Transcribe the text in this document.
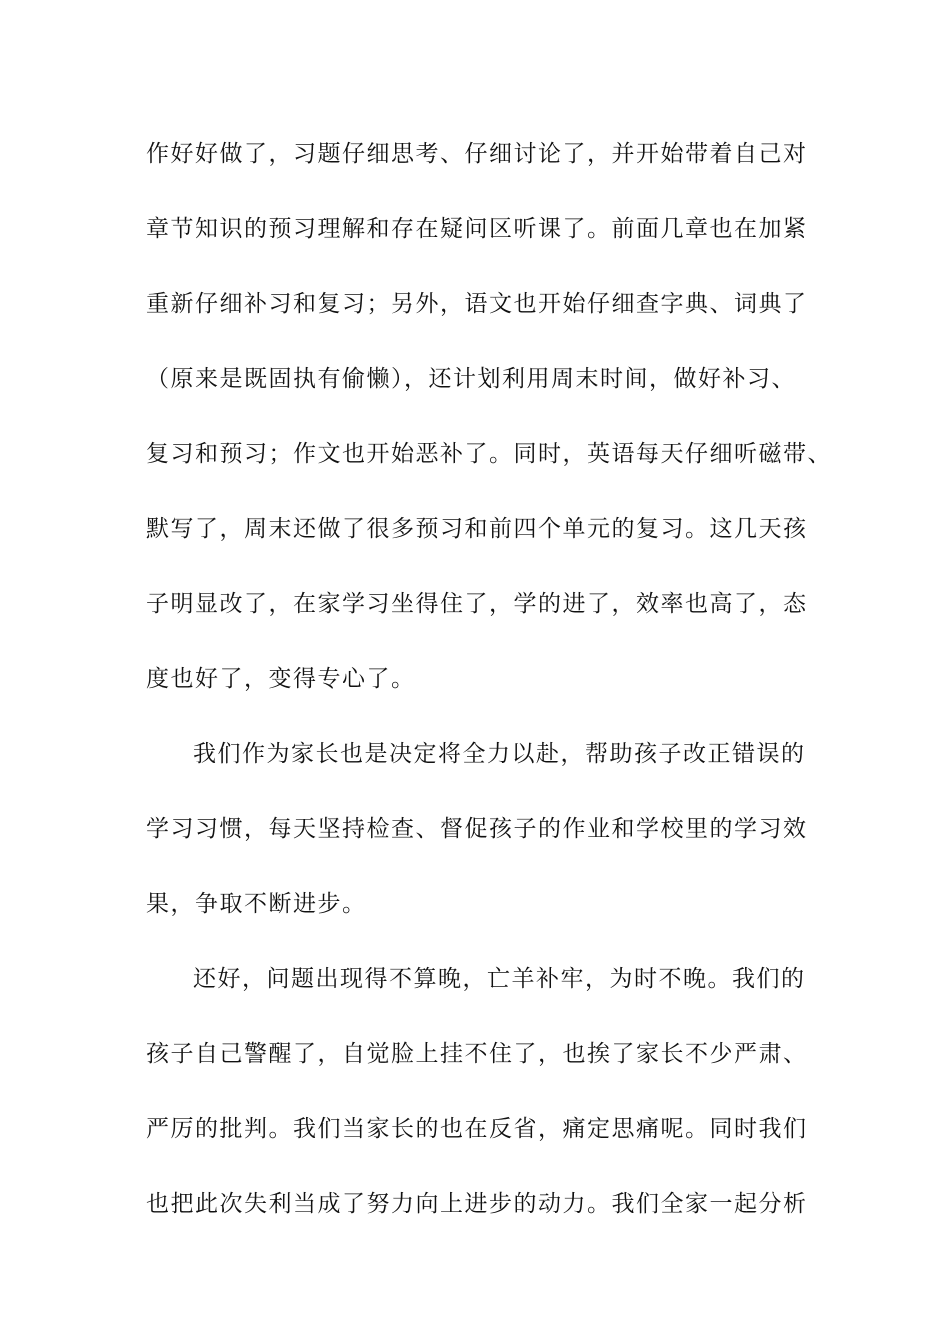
作好好做了，习题仔细思考、仔细讨论了，并开始带着自己对
章节知识的预习理解和存在疑问区听课了。前面几章也在加紧
重新仔细补习和复习；另外，语文也开始仔细查字典、词典了
（原来是既固执有偷懒），还计划利用周末时间，做好补习、
复习和预习；作文也开始恶补了。同时，英语每天仔细听磁带、
默写了，周末还做了很多预习和前四个单元的复习。这几天孩
子明显改了，在家学习坐得住了，学的进了，效率也高了，态
度也好了，变得专心了。
我们作为家长也是决定将全力以赴，帮助孩子改正错误的
学习习惯，每天坚持检查、督促孩子的作业和学校里的学习效
果，争取不断进步。
还好，问题出现得不算晚，亡羊补牢，为时不晚。我们的
孩子自己警醒了，自觉脸上挂不住了，也挨了家长不少严肃、
严厉的批判。我们当家长的也在反省，痛定思痛呢。同时我们
也把此次失利当成了努力向上进步的动力。我们全家一起分析
